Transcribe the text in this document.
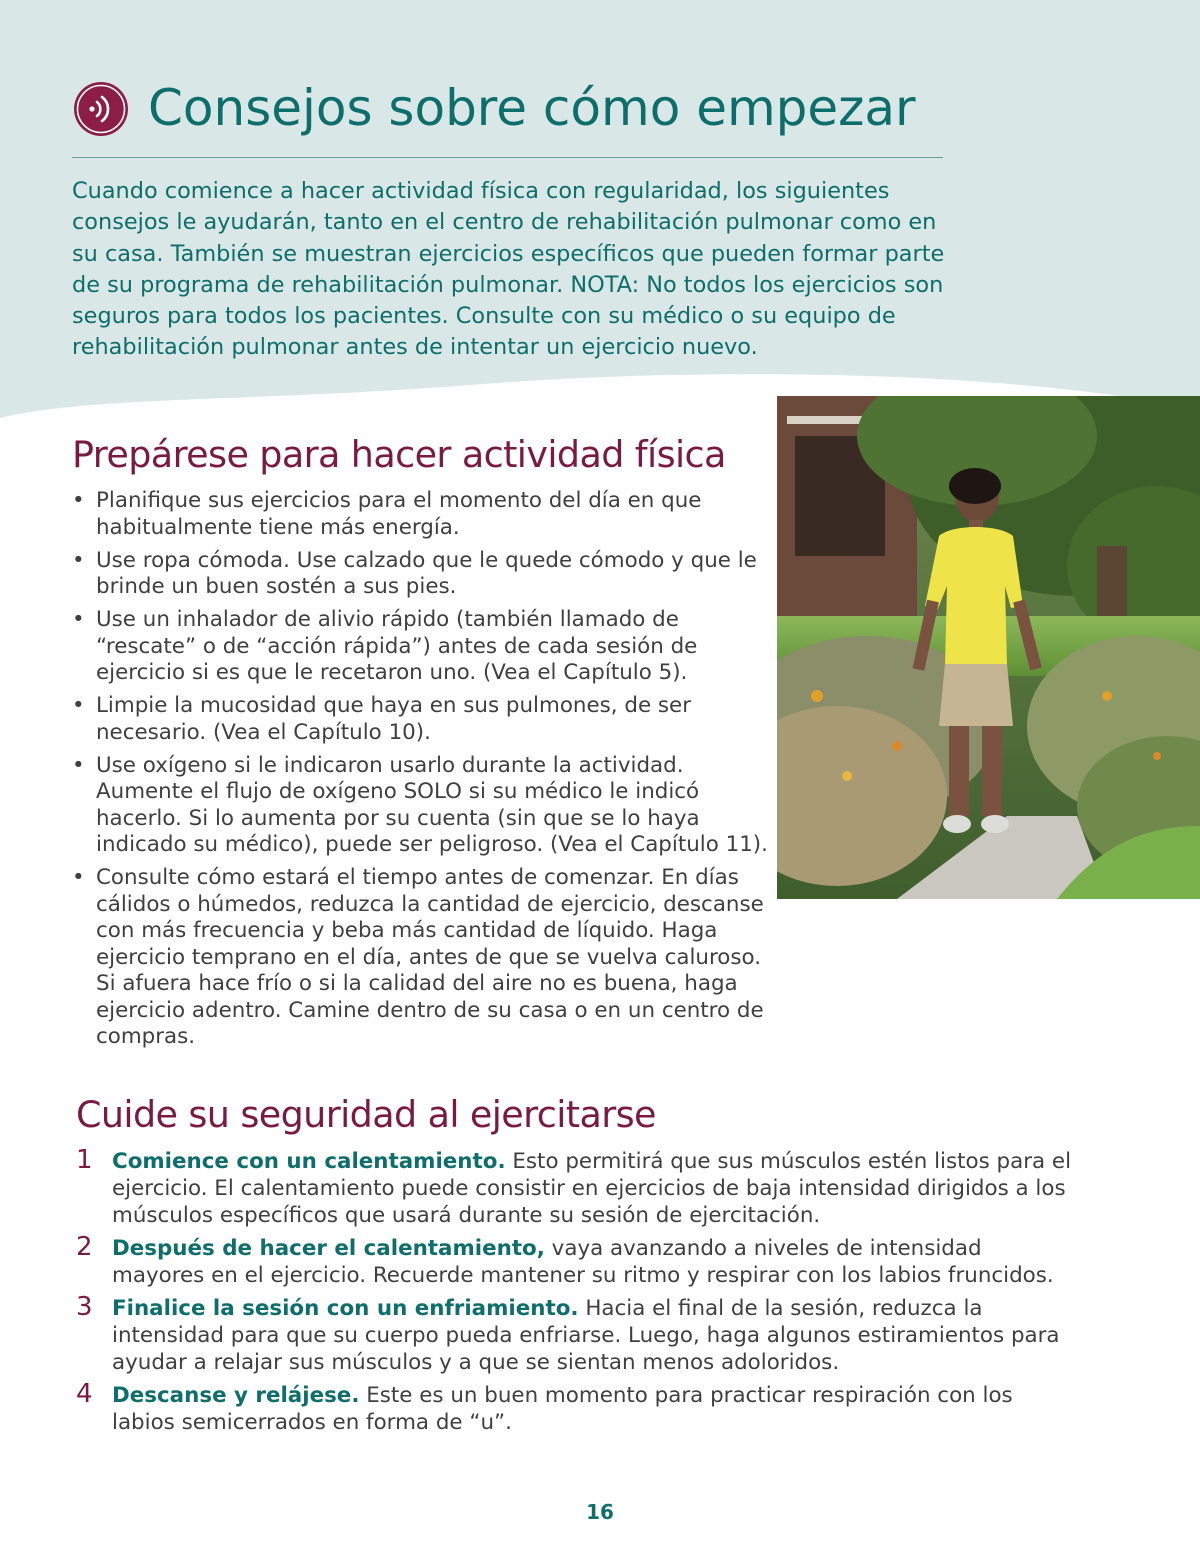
Consejos sobre cómo empezar

Cuando comience a hacer actividad física con regularidad, los siguientes consejos le ayudarán, tanto en el centro de rehabilitación pulmonar como en su casa. También se muestran ejercicios específicos que pueden formar parte de su programa de rehabilitación pulmonar. NOTA: No todos los ejercicios son seguros para todos los pacientes. Consulte con su médico o su equipo de rehabilitación pulmonar antes de intentar un ejercicio nuevo.

Prepárese para hacer actividad física
• Planifique sus ejercicios para el momento del día en que habitualmente tiene más energía.
• Use ropa cómoda. Use calzado que le quede cómodo y que le brinde un buen sostén a sus pies.
• Use un inhalador de alivio rápido (también llamado de “rescate” o de “acción rápida”) antes de cada sesión de ejercicio si es que le recetaron uno. (Vea el Capítulo 5).
• Limpie la mucosidad que haya en sus pulmones, de ser necesario. (Vea el Capítulo 10).
• Use oxígeno si le indicaron usarlo durante la actividad. Aumente el flujo de oxígeno SOLO si su médico le indicó hacerlo. Si lo aumenta por su cuenta (sin que se lo haya indicado su médico), puede ser peligroso. (Vea el Capítulo 11).
• Consulte cómo estará el tiempo antes de comenzar. En días cálidos o húmedos, reduzca la cantidad de ejercicio, descanse con más frecuencia y beba más cantidad de líquido. Haga ejercicio temprano en el día, antes de que se vuelva caluroso. Si afuera hace frío o si la calidad del aire no es buena, haga ejercicio adentro. Camine dentro de su casa o en un centro de compras.
Cuide su seguridad al ejercitarse
1 Comience con un calentamiento. Esto permitirá que sus músculos estén listos para el ejercicio. El calentamiento puede consistir en ejercicios de baja intensidad dirigidos a los músculos específicos que usará durante su sesión de ejercitación.
2 Después de hacer el calentamiento, vaya avanzando a niveles de intensidad mayores en el ejercicio. Recuerde mantener su ritmo y respirar con los labios fruncidos.
3 Finalice la sesión con un enfriamiento. Hacia el final de la sesión, reduzca la intensidad para que su cuerpo pueda enfriarse. Luego, haga algunos estiramientos para ayudar a relajar sus músculos y a que se sientan menos adoloridos.
4 Descanse y relájese. Este es un buen momento para practicar respiración con los labios semicerrados en forma de “u”.
16
